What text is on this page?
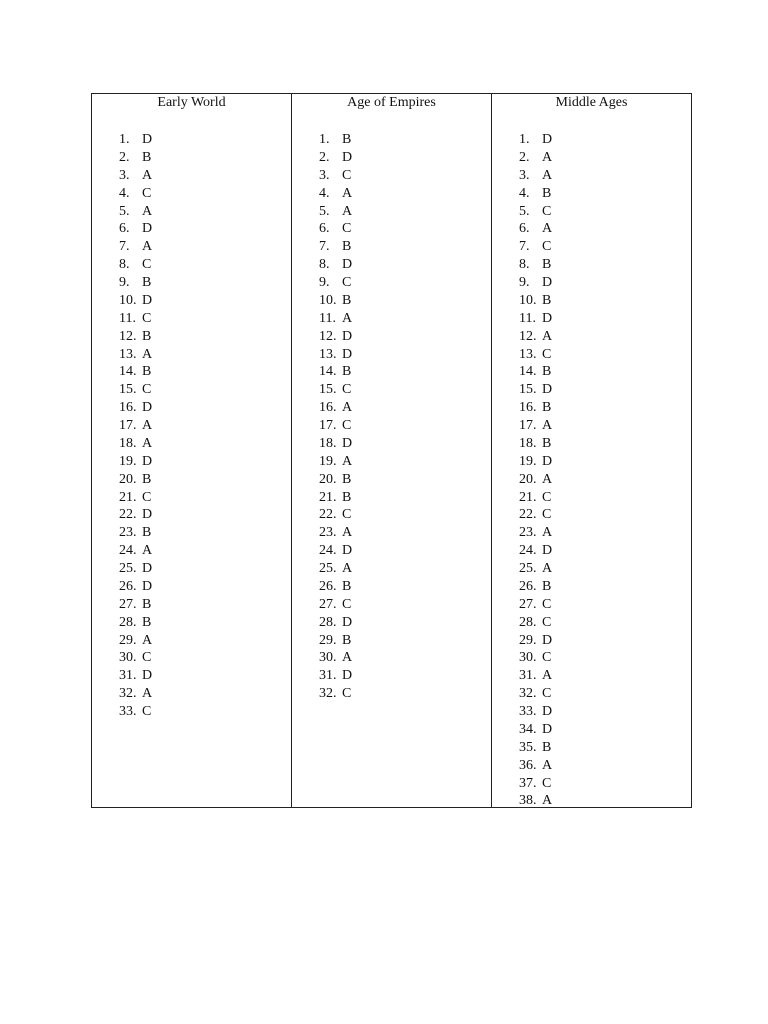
Early World
1. D
2. B
3. A
4. C
5. A
6. D
7. A
8. C
9. B
10. D
11. C
12. B
13. A
14. B
15. C
16. D
17. A
18. A
19. D
20. B
21. C
22. D
23. B
24. A
25. D
26. D
27. B
28. B
29. A
30. C
31. D
32. A
33. C
Age of Empires
1. B
2. D
3. C
4. A
5. A
6. C
7. B
8. D
9. C
10. B
11. A
12. D
13. D
14. B
15. C
16. A
17. C
18. D
19. A
20. B
21. B
22. C
23. A
24. D
25. A
26. B
27. C
28. D
29. B
30. A
31. D
32. C
Middle Ages
1. D
2. A
3. A
4. B
5. C
6. A
7. C
8. B
9. D
10. B
11. D
12. A
13. C
14. B
15. D
16. B
17. A
18. B
19. D
20. A
21. C
22. C
23. A
24. D
25. A
26. B
27. C
28. C
29. D
30. C
31. A
32. C
33. D
34. D
35. B
36. A
37. C
38. A
